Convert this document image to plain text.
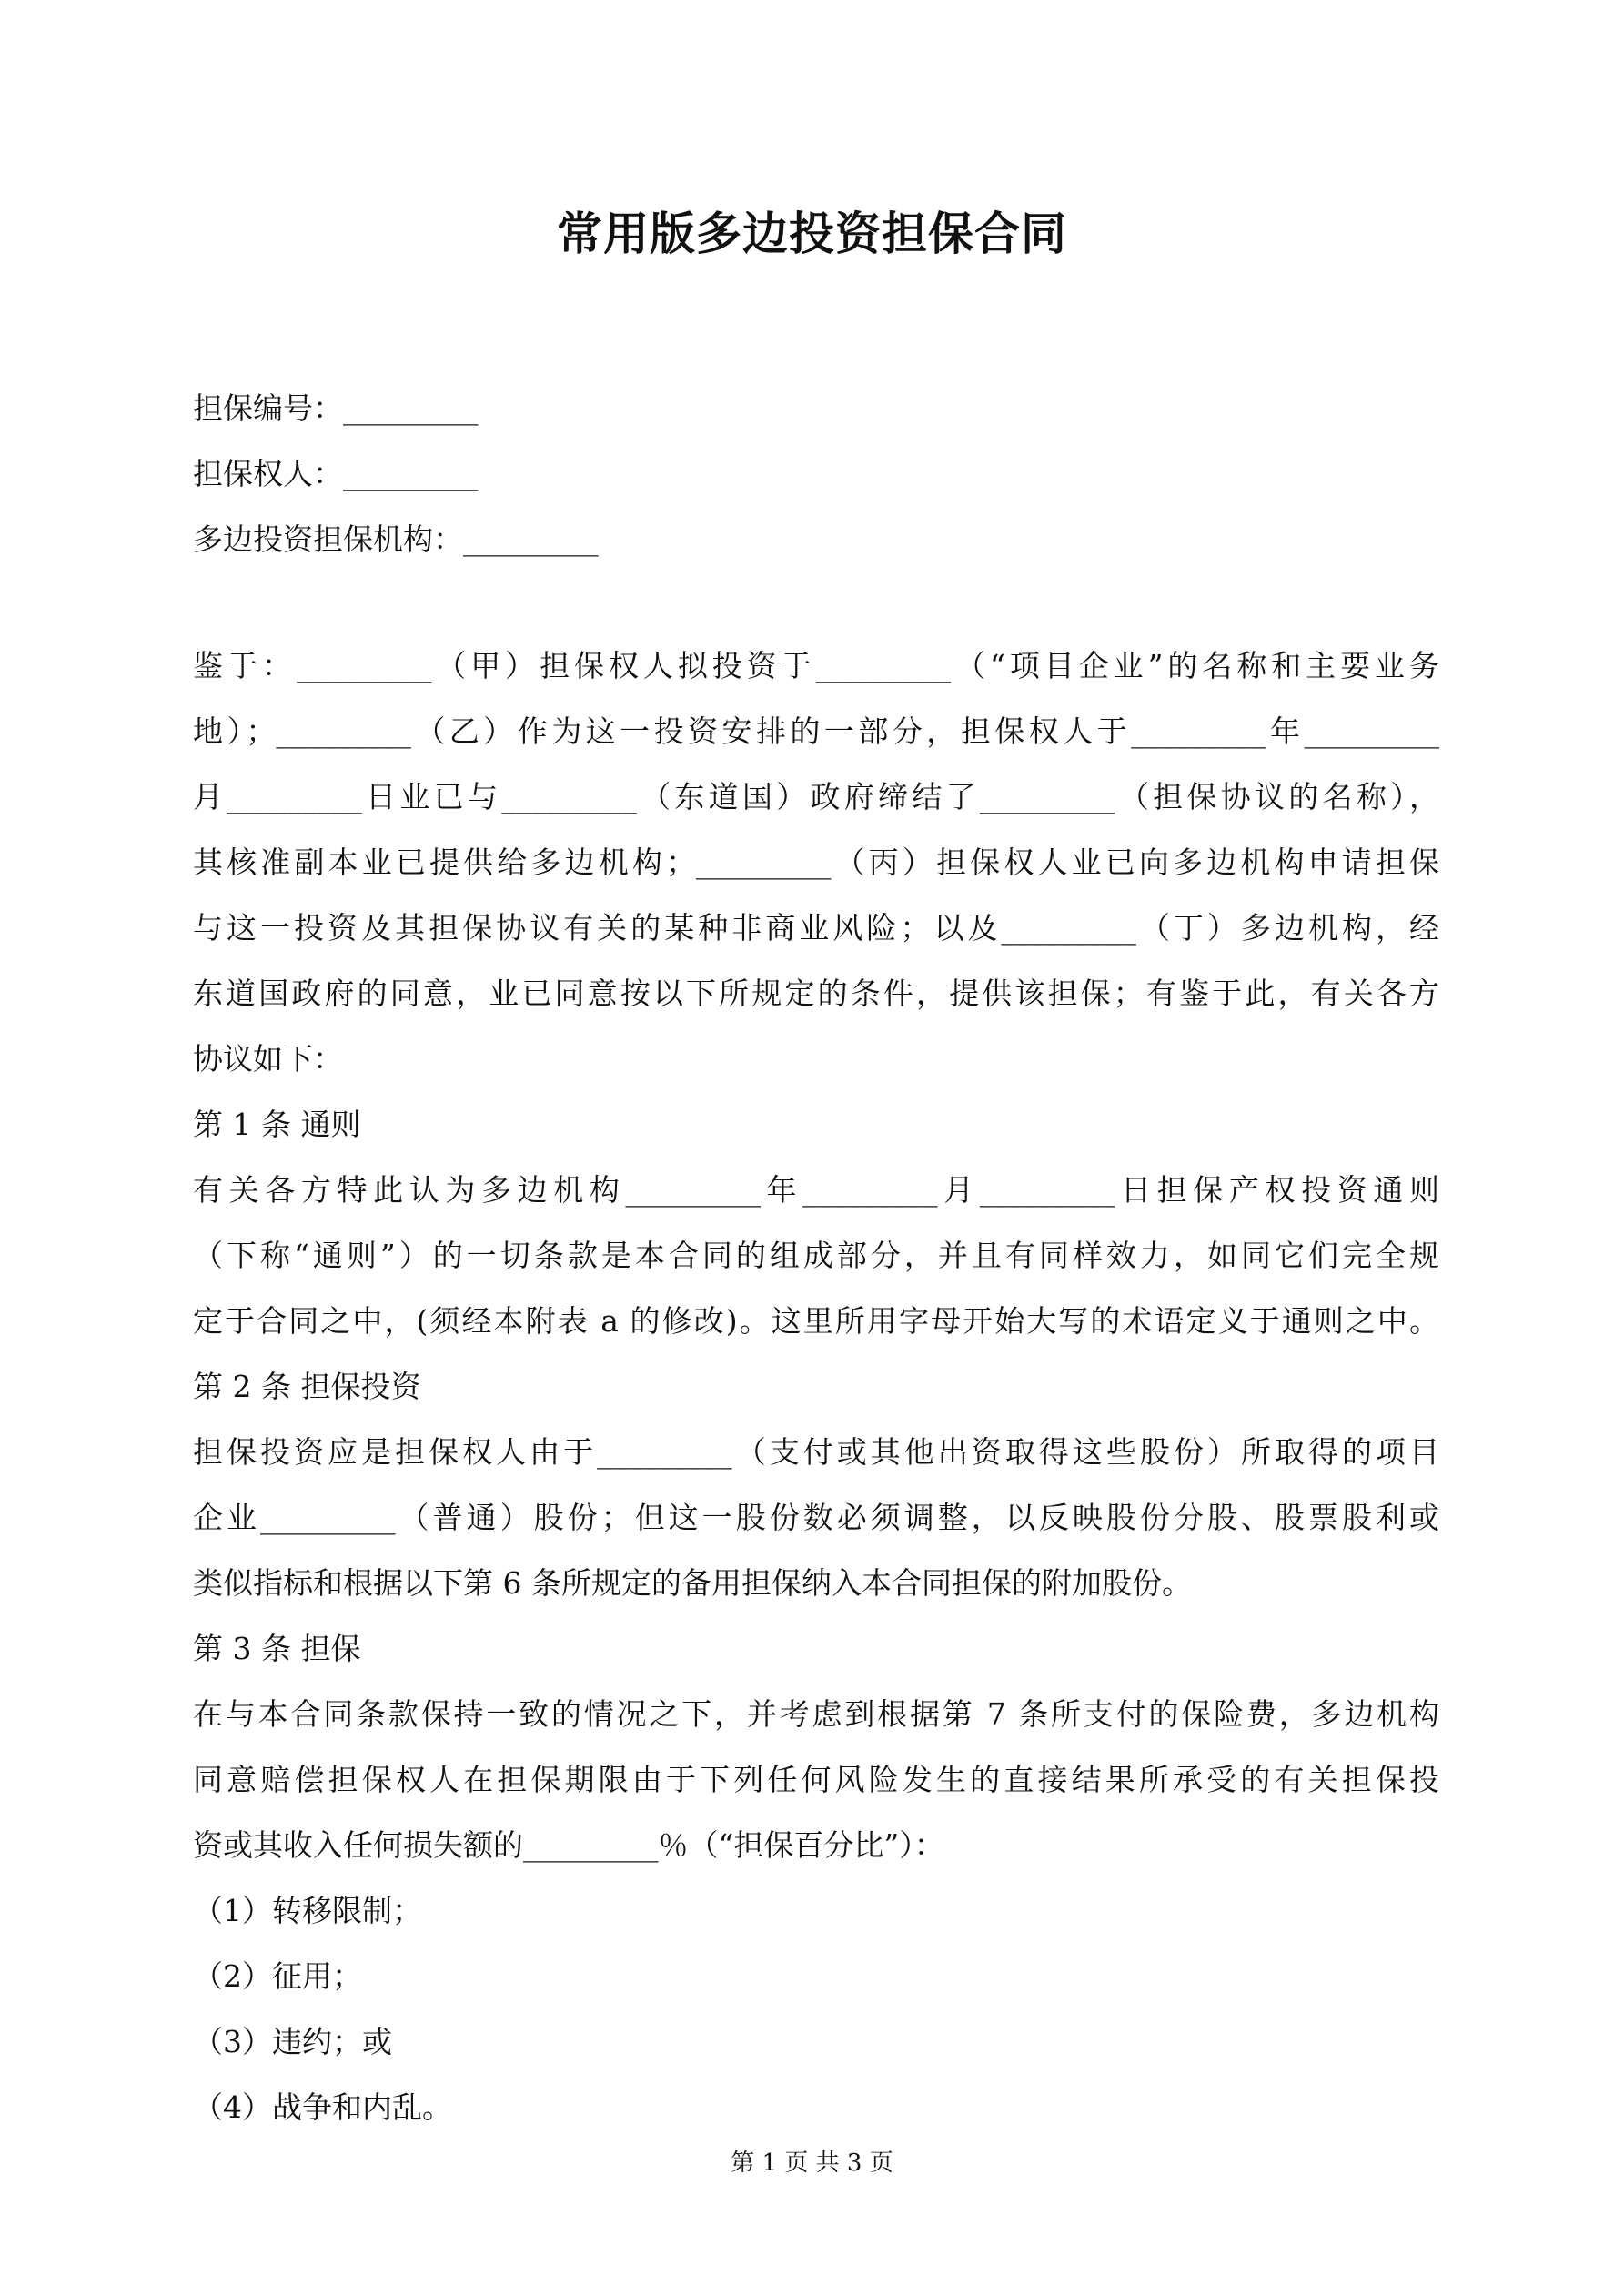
常用版多边投资担保合同
担保编号：_________
担保权人：_________
多边投资担保机构：_________
鉴于：_________（甲）担保权人拟投资于_________（“项目企业”的名称和主要业务
地）；_________（乙）作为这一投资安排的一部分，担保权人于_________年_________
月_________日业已与_________（东道国）政府缔结了_________（担保协议的名称），
其核准副本业已提供给多边机构；_________（丙）担保权人业已向多边机构申请担保
与这一投资及其担保协议有关的某种非商业风险；以及_________（丁）多边机构，经
东道国政府的同意，业已同意按以下所规定的条件，提供该担保；有鉴于此，有关各方
协议如下：
第 1 条 通则
有关各方特此认为多边机构_________年_________月_________日担保产权投资通则
（下称“通则”）的一切条款是本合同的组成部分，并且有同样效力，如同它们完全规
定于合同之中，(须经本附表 a 的修改)。这里所用字母开始大写的术语定义于通则之中。
第 2 条 担保投资
担保投资应是担保权人由于_________（支付或其他出资取得这些股份）所取得的项目
企业_________（普通）股份；但这一股份数必须调整，以反映股份分股、股票股利或
类似指标和根据以下第 6 条所规定的备用担保纳入本合同担保的附加股份。
第 3 条 担保
在与本合同条款保持一致的情况之下，并考虑到根据第 7 条所支付的保险费，多边机构
同意赔偿担保权人在担保期限由于下列任何风险发生的直接结果所承受的有关担保投
资或其收入任何损失额的_________％（“担保百分比”）：
（1）转移限制；
（2）征用；
（3）违约；或
（4）战争和内乱。
第 1 页 共 3 页
